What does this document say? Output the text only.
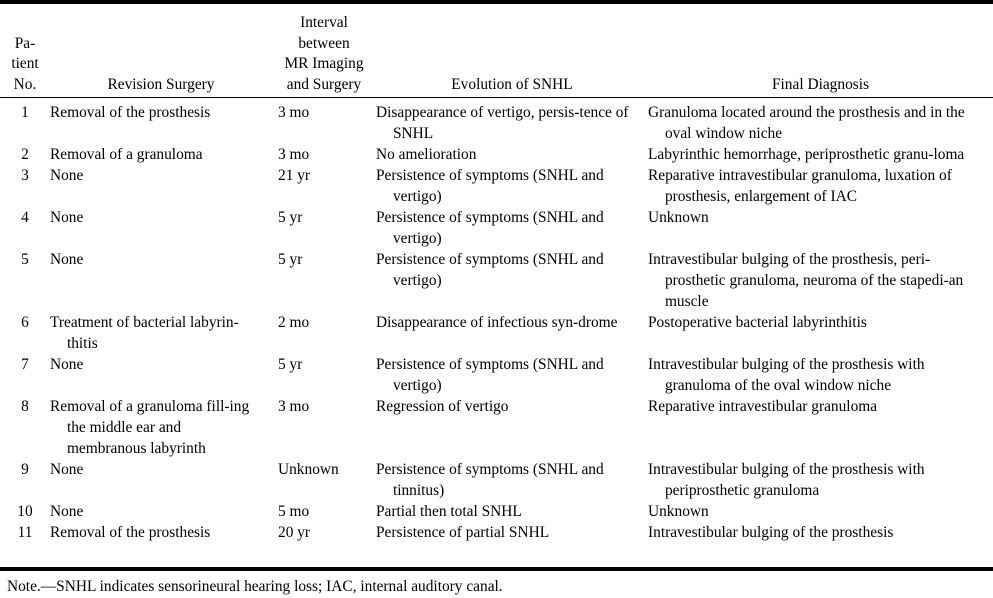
Pa-
tient
No.	Revision Surgery	Interval
between
MR Imaging
and Surgery	Evolution of SNHL	Final Diagnosis
1	Removal of the prosthesis	3 mo	Disappearance of vertigo, persis-tence of SNHL	Granuloma located around the prosthesis and in the oval window niche
2	Removal of a granuloma	3 mo	No amelioration	Labyrinthic hemorrhage, periprosthetic granu-loma
3	None	21 yr	Persistence of symptoms (SNHL and vertigo)	Reparative intravestibular granuloma, luxation of prosthesis, enlargement of IAC
4	None	5 yr	Persistence of symptoms (SNHL and vertigo)	Unknown
5	None	5 yr	Persistence of symptoms (SNHL and vertigo)	Intravestibular bulging of the prosthesis, peri-prosthetic granuloma, neuroma of the stapedi-an muscle
6	Treatment of bacterial labyrin-thitis	2 mo	Disappearance of infectious syn-drome	Postoperative bacterial labyrinthitis
7	None	5 yr	Persistence of symptoms (SNHL and vertigo)	Intravestibular bulging of the prosthesis with granuloma of the oval window niche
8	Removal of a granuloma fill-ing the middle ear and membranous labyrinth	3 mo	Regression of vertigo	Reparative intravestibular granuloma
9	None	Unknown	Persistence of symptoms (SNHL and tinnitus)	Intravestibular bulging of the prosthesis with periprosthetic granuloma
10	None	5 mo	Partial then total SNHL	Unknown
11	Removal of the prosthesis	20 yr	Persistence of partial SNHL	Intravestibular bulging of the prosthesis
Note.—SNHL indicates sensorineural hearing loss; IAC, internal auditory canal.
